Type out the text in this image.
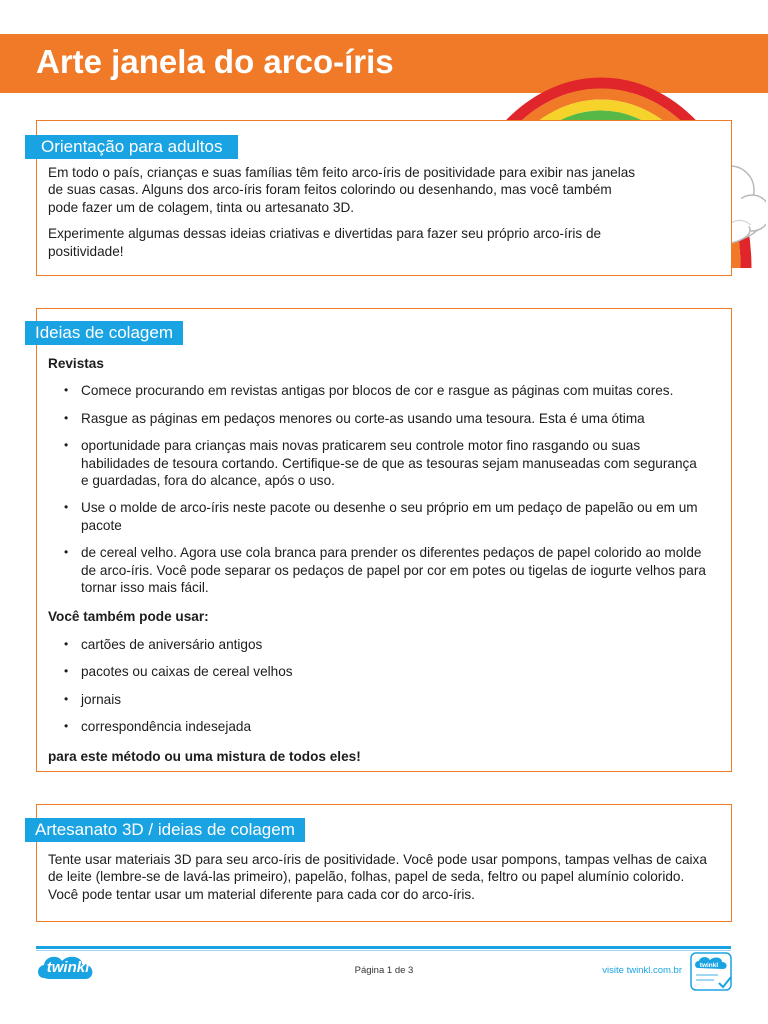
Arte janela do arco-íris
Orientação para adultos

Em todo o país, crianças e suas famílias têm feito arco-íris de positividade para exibir nas janelas de suas casas. Alguns dos arco-íris foram feitos colorindo ou desenhando, mas você também pode fazer um de colagem, tinta ou artesanato 3D.

Experimente algumas dessas ideias criativas e divertidas para fazer seu próprio arco-íris de positividade!

Ideias de colagem

Revistas

• Comece procurando em revistas antigas por blocos de cor e rasgue as páginas com muitas cores.
• Rasgue as páginas em pedaços menores ou corte-as usando uma tesoura. Esta é uma ótima
• oportunidade para crianças mais novas praticarem seu controle motor fino rasgando ou suas habilidades de tesoura cortando. Certifique-se de que as tesouras sejam manuseadas com segurança e guardadas, fora do alcance, após o uso.
• Use o molde de arco-íris neste pacote ou desenhe o seu próprio em um pedaço de papelão ou em um pacote
• de cereal velho. Agora use cola branca para prender os diferentes pedaços de papel colorido ao molde de arco-íris. Você pode separar os pedaços de papel por cor em potes ou tigelas de iogurte velhos para tornar isso mais fácil.

Você também pode usar:

• cartões de aniversário antigos
• pacotes ou caixas de cereal velhos
• jornais
• correspondência indesejada

para este método ou uma mistura de todos eles!

Artesanato 3D / ideias de colagem

Tente usar materiais 3D para seu arco-íris de positividade. Você pode usar pompons, tampas velhas de caixa de leite (lembre-se de lavá-las primeiro), papelão, folhas, papel de seda, feltro ou papel alumínio colorido. Você pode tentar usar um material diferente para cada cor do arco-íris.

twinkl	Página 1 de 3	visite twinkl.com.br	twinkl
